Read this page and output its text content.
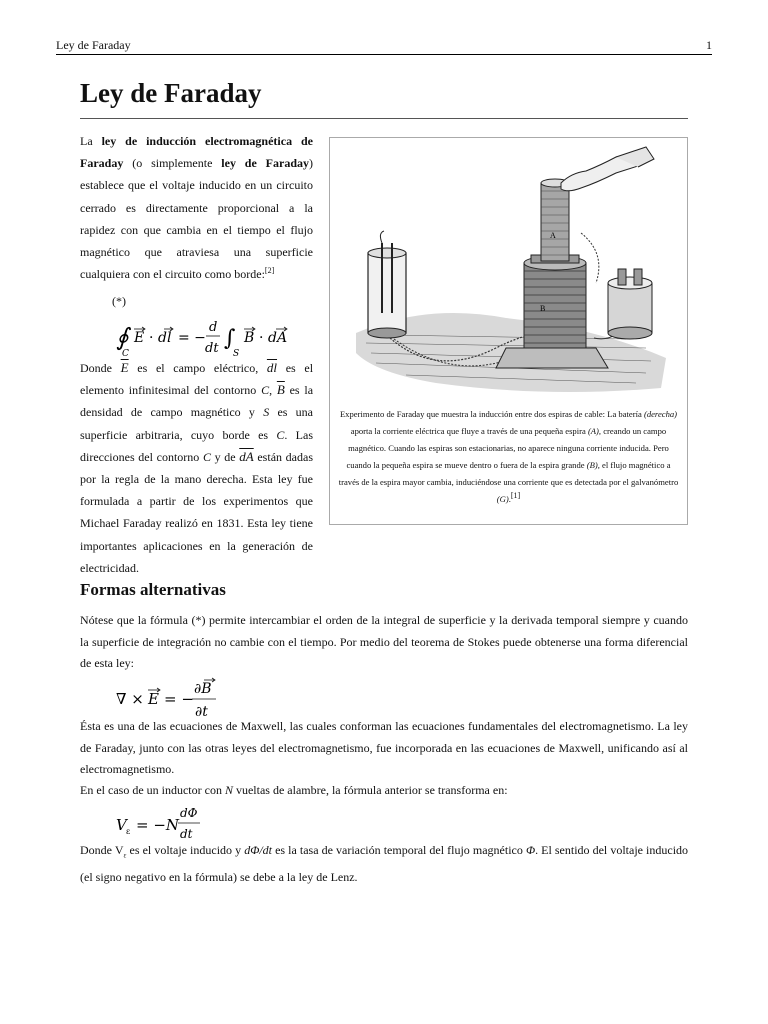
Ley de Faraday	1
Ley de Faraday
La ley de inducción electromagnética de Faraday (o simplemente ley de Faraday) establece que el voltaje inducido en un circuito cerrado es directamente proporcional a la rapidez con que cambia en el tiempo el flujo magnético que atraviesa una superficie cualquiera con el circuito como borde:[2]
(*)
∮
C
E · dl = −
d
dt ∫
S
B · dA
Donde $\overline{E}$ es el campo eléctrico, $\overline{dl}$ es el elemento infinitesimal del contorno C, $\overline{B}$ es la densidad de campo magnético y S es una superficie arbitraria, cuyo borde es C. Las direcciones del contorno C y de $\overline{dA}$ están dadas por la regla de la mano derecha. Esta ley fue formulada a partir de los experimentos que Michael Faraday realizó en 1831. Esta ley tiene importantes aplicaciones en la generación de electricidad.
A
B
Experimento de Faraday que muestra la inducción entre dos espiras de cable: La batería (derecha) aporta la corriente eléctrica que fluye a través de una pequeña espira (A), creando un campo magnético. Cuando las espiras son estacionarias, no aparece ninguna corriente inducida. Pero cuando la pequeña espira se mueve dentro o fuera de la espira grande (B), el flujo magnético a través de la espira mayor cambia, induciéndose una corriente que es detectada por el galvanómetro (G).[1]
Formas alternativas
Nótese que la fórmula (*) permite intercambiar el orden de la integral de superficie y la derivada temporal siempre y cuando la superficie de integración no cambie con el tiempo. Por medio del teorema de Stokes puede obtenerse una forma diferencial de esta ley:
∇ × E = −
∂B
∂t
Ésta es una de las ecuaciones de Maxwell, las cuales conforman las ecuaciones fundamentales del electromagnetismo. La ley de Faraday, junto con las otras leyes del electromagnetismo, fue incorporada en las ecuaciones de Maxwell, unificando así al electromagnetismo.
En el caso de un inductor con N vueltas de alambre, la fórmula anterior se transforma en:
V ε = −N
dΦ
dt
Donde $V_\varepsilon$ es el voltaje inducido y dΦ/dt es la tasa de variación temporal del flujo magnético Φ. El sentido del voltaje inducido (el signo negativo en la fórmula) se debe a la ley de Lenz.
